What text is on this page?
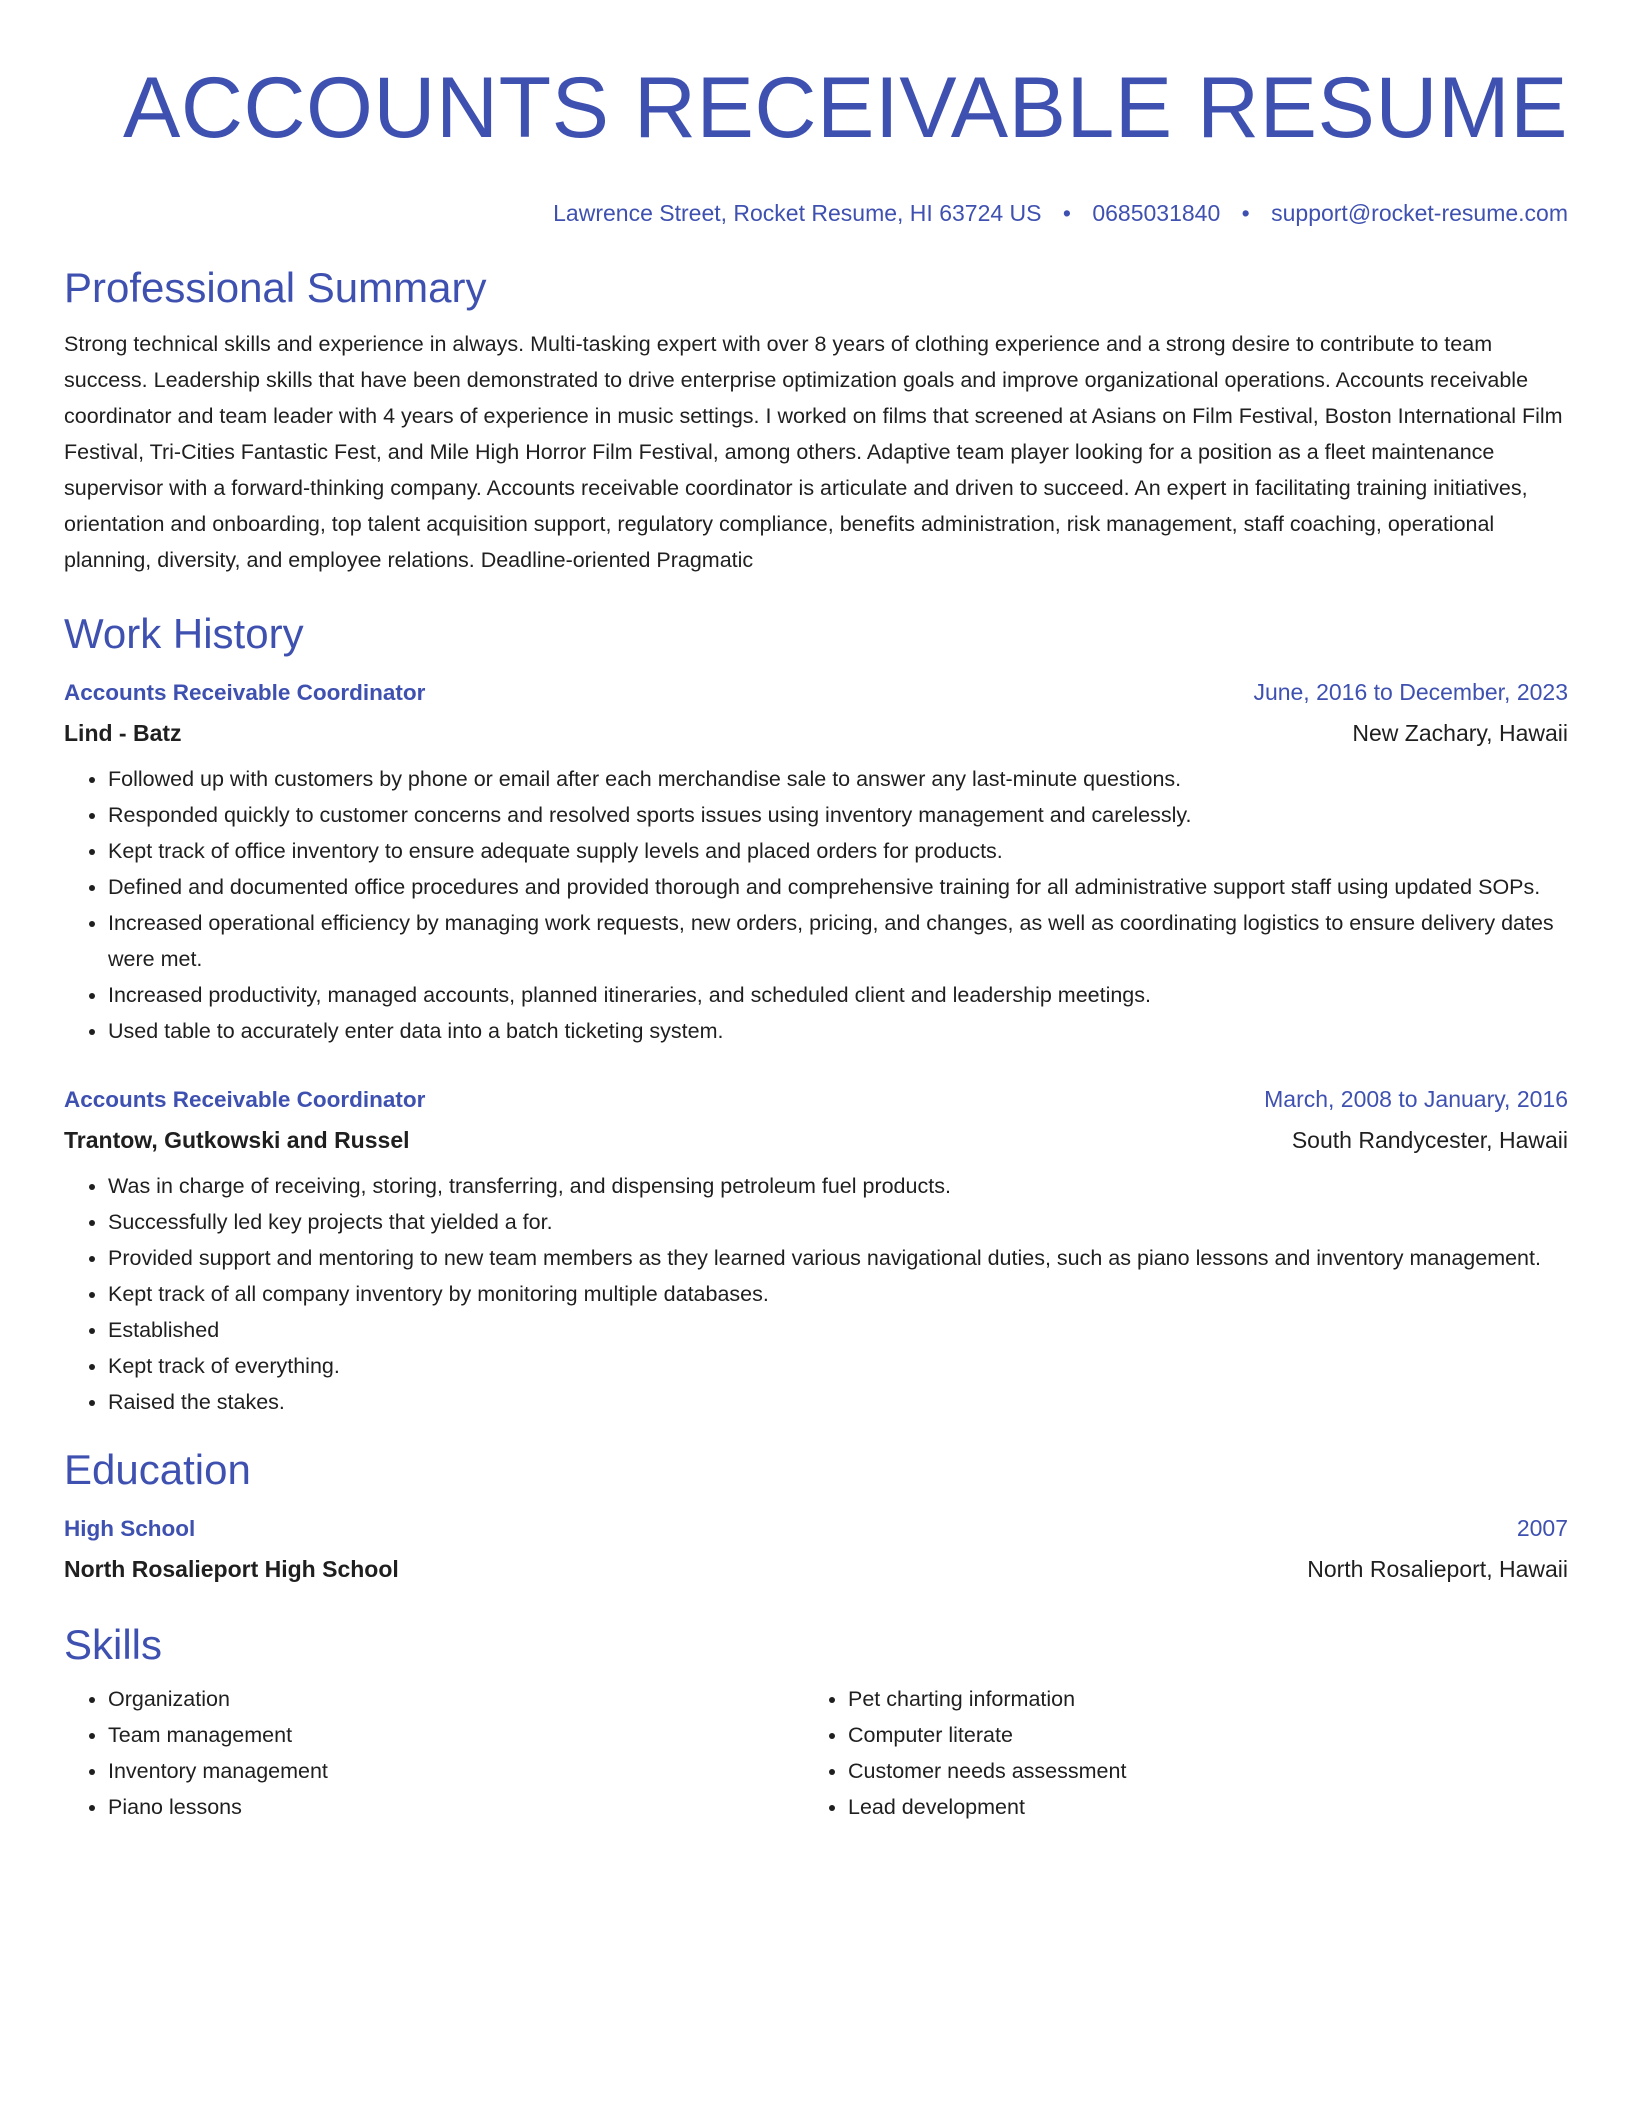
ACCOUNTS RECEIVABLE RESUME
Lawrence Street, Rocket Resume, HI 63724 US • 0685031840 • support@rocket-resume.com
Professional Summary
Strong technical skills and experience in always. Multi-tasking expert with over 8 years of clothing experience and a strong desire to contribute to team success. Leadership skills that have been demonstrated to drive enterprise optimization goals and improve organizational operations. Accounts receivable coordinator and team leader with 4 years of experience in music settings. I worked on films that screened at Asians on Film Festival, Boston International Film Festival, Tri-Cities Fantastic Fest, and Mile High Horror Film Festival, among others. Adaptive team player looking for a position as a fleet maintenance supervisor with a forward-thinking company. Accounts receivable coordinator is articulate and driven to succeed. An expert in facilitating training initiatives, orientation and onboarding, top talent acquisition support, regulatory compliance, benefits administration, risk management, staff coaching, operational planning, diversity, and employee relations. Deadline-oriented Pragmatic
Work History
Accounts Receivable Coordinator	June, 2016 to December, 2023
Lind - Batz	New Zachary, Hawaii
• Followed up with customers by phone or email after each merchandise sale to answer any last-minute questions.
• Responded quickly to customer concerns and resolved sports issues using inventory management and carelessly.
• Kept track of office inventory to ensure adequate supply levels and placed orders for products.
• Defined and documented office procedures and provided thorough and comprehensive training for all administrative support staff using updated SOPs.
• Increased operational efficiency by managing work requests, new orders, pricing, and changes, as well as coordinating logistics to ensure delivery dates were met.
• Increased productivity, managed accounts, planned itineraries, and scheduled client and leadership meetings.
• Used table to accurately enter data into a batch ticketing system.
Accounts Receivable Coordinator	March, 2008 to January, 2016
Trantow, Gutkowski and Russel	South Randycester, Hawaii
• Was in charge of receiving, storing, transferring, and dispensing petroleum fuel products.
• Successfully led key projects that yielded a for.
• Provided support and mentoring to new team members as they learned various navigational duties, such as piano lessons and inventory management.
• Kept track of all company inventory by monitoring multiple databases.
• Established
• Kept track of everything.
• Raised the stakes.
Education
High School	2007
North Rosalieport High School	North Rosalieport, Hawaii
Skills
• Organization
• Team management
• Inventory management
• Piano lessons
• Pet charting information
• Computer literate
• Customer needs assessment
• Lead development
